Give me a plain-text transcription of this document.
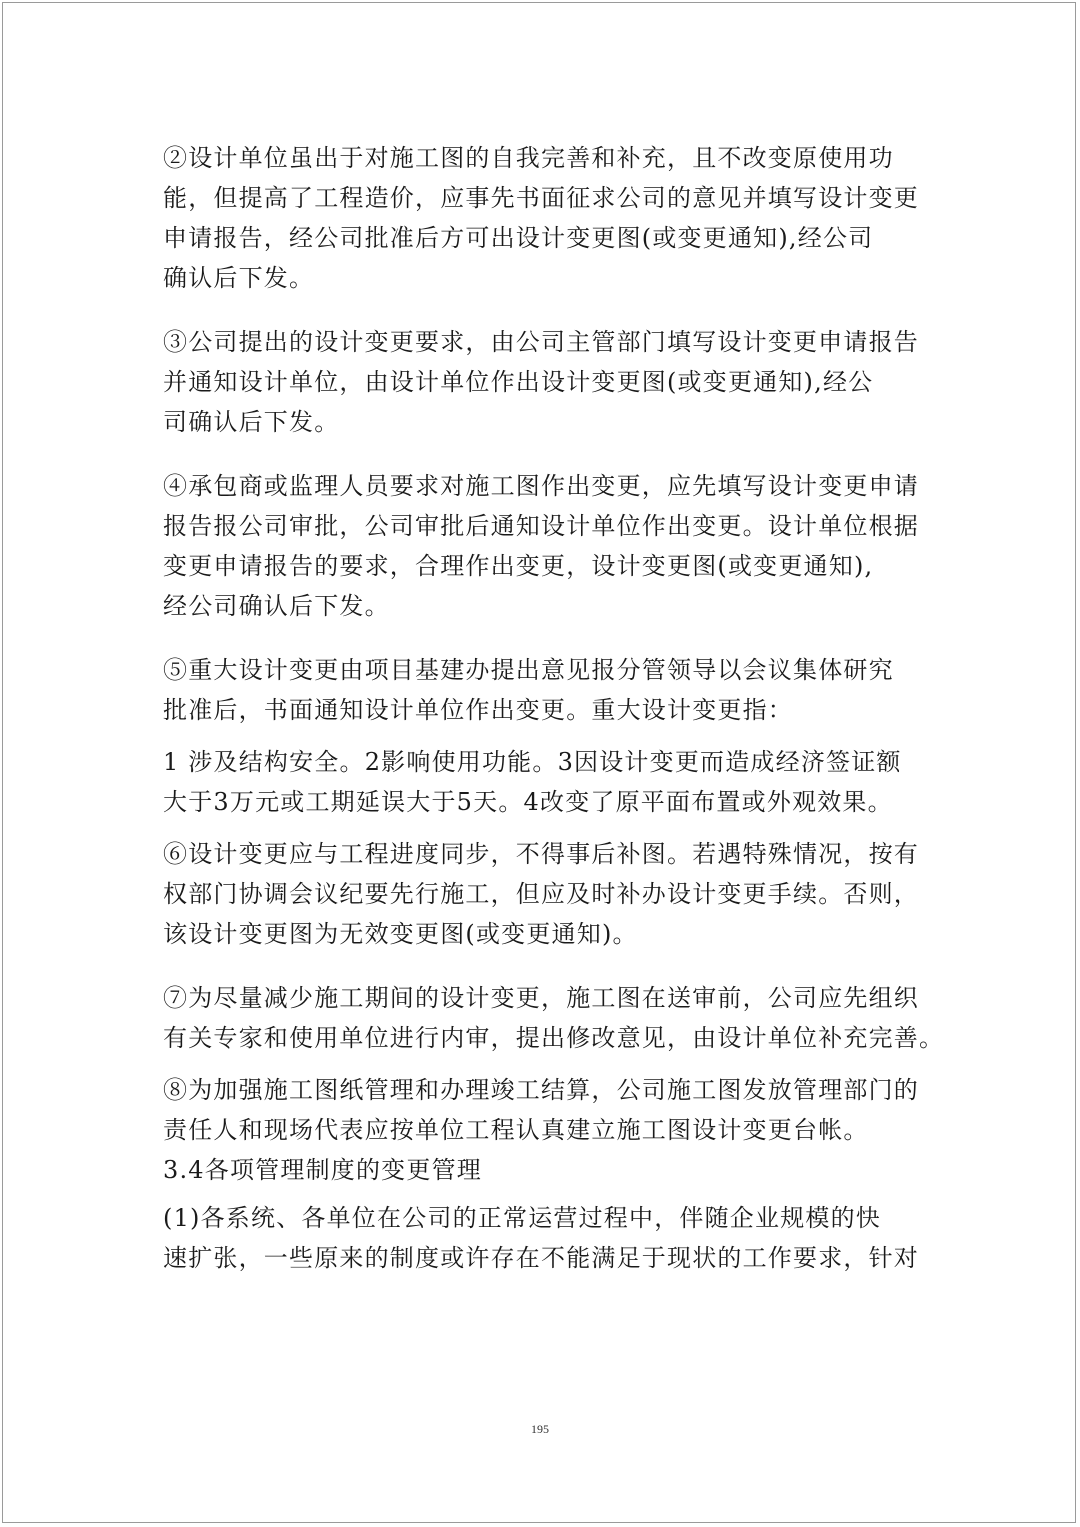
②设计单位虽出于对施工图的自我完善和补充，且不改变原使用功
能，但提高了工程造价，应事先书面征求公司的意见并填写设计变更
申请报告，经公司批准后方可出设计变更图(或变更通知),经公司
确认后下发。

③公司提出的设计变更要求，由公司主管部门填写设计变更申请报告
并通知设计单位，由设计单位作出设计变更图(或变更通知),经公
司确认后下发。

④承包商或监理人员要求对施工图作出变更，应先填写设计变更申请
报告报公司审批，公司审批后通知设计单位作出变更。设计单位根据
变更申请报告的要求，合理作出变更，设计变更图(或变更通知),
经公司确认后下发。

⑤重大设计变更由项目基建办提出意见报分管领导以会议集体研究
批准后，书面通知设计单位作出变更。重大设计变更指：

1 涉及结构安全。2影响使用功能。3因设计变更而造成经济签证额
大于3万元或工期延误大于5天。4改变了原平面布置或外观效果。

⑥设计变更应与工程进度同步，不得事后补图。若遇特殊情况，按有
权部门协调会议纪要先行施工，但应及时补办设计变更手续。否则，
该设计变更图为无效变更图(或变更通知)。

⑦为尽量减少施工期间的设计变更，施工图在送审前，公司应先组织
有关专家和使用单位进行内审，提出修改意见，由设计单位补充完善。

⑧为加强施工图纸管理和办理竣工结算，公司施工图发放管理部门的
责任人和现场代表应按单位工程认真建立施工图设计变更台帐。

3.4各项管理制度的变更管理

(1)各系统、各单位在公司的正常运营过程中，伴随企业规模的快
速扩张，一些原来的制度或许存在不能满足于现状的工作要求，针对

195
